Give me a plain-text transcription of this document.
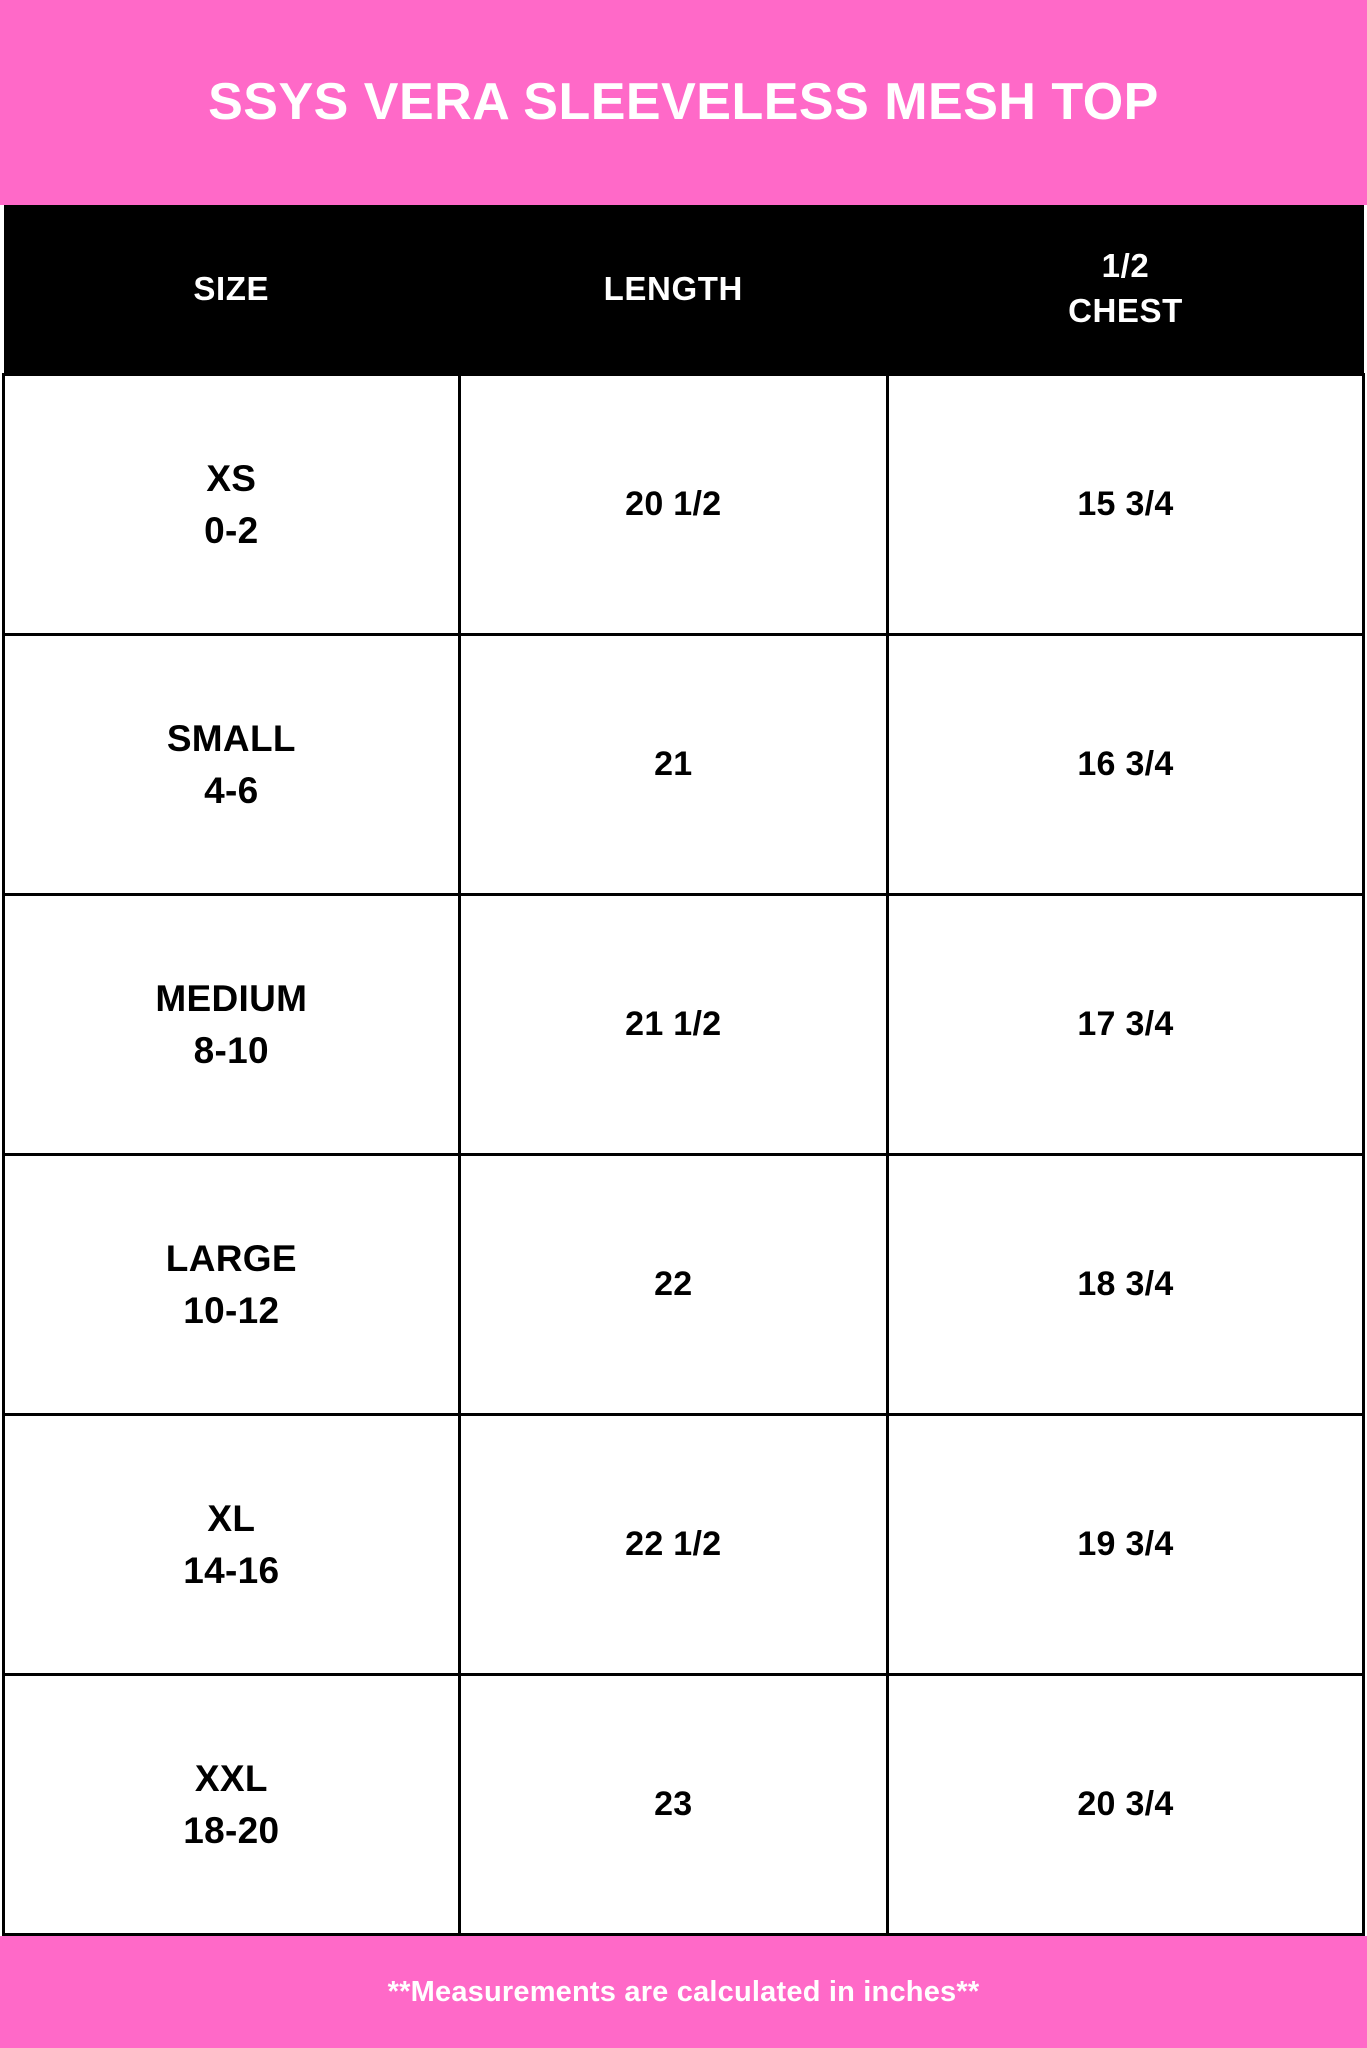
SSYS VERA SLEEVELESS MESH TOP
SIZE	LENGTH	1/2
CHEST

XS
0-2	20 1/2	15 3/4

SMALL
4-6	21	16 3/4

MEDIUM
8-10	21 1/2	17 3/4

LARGE
10-12	22	18 3/4

XL
14-16	22 1/2	19 3/4

XXL
18-20	23	20 3/4
**Measurements are calculated in inches**
